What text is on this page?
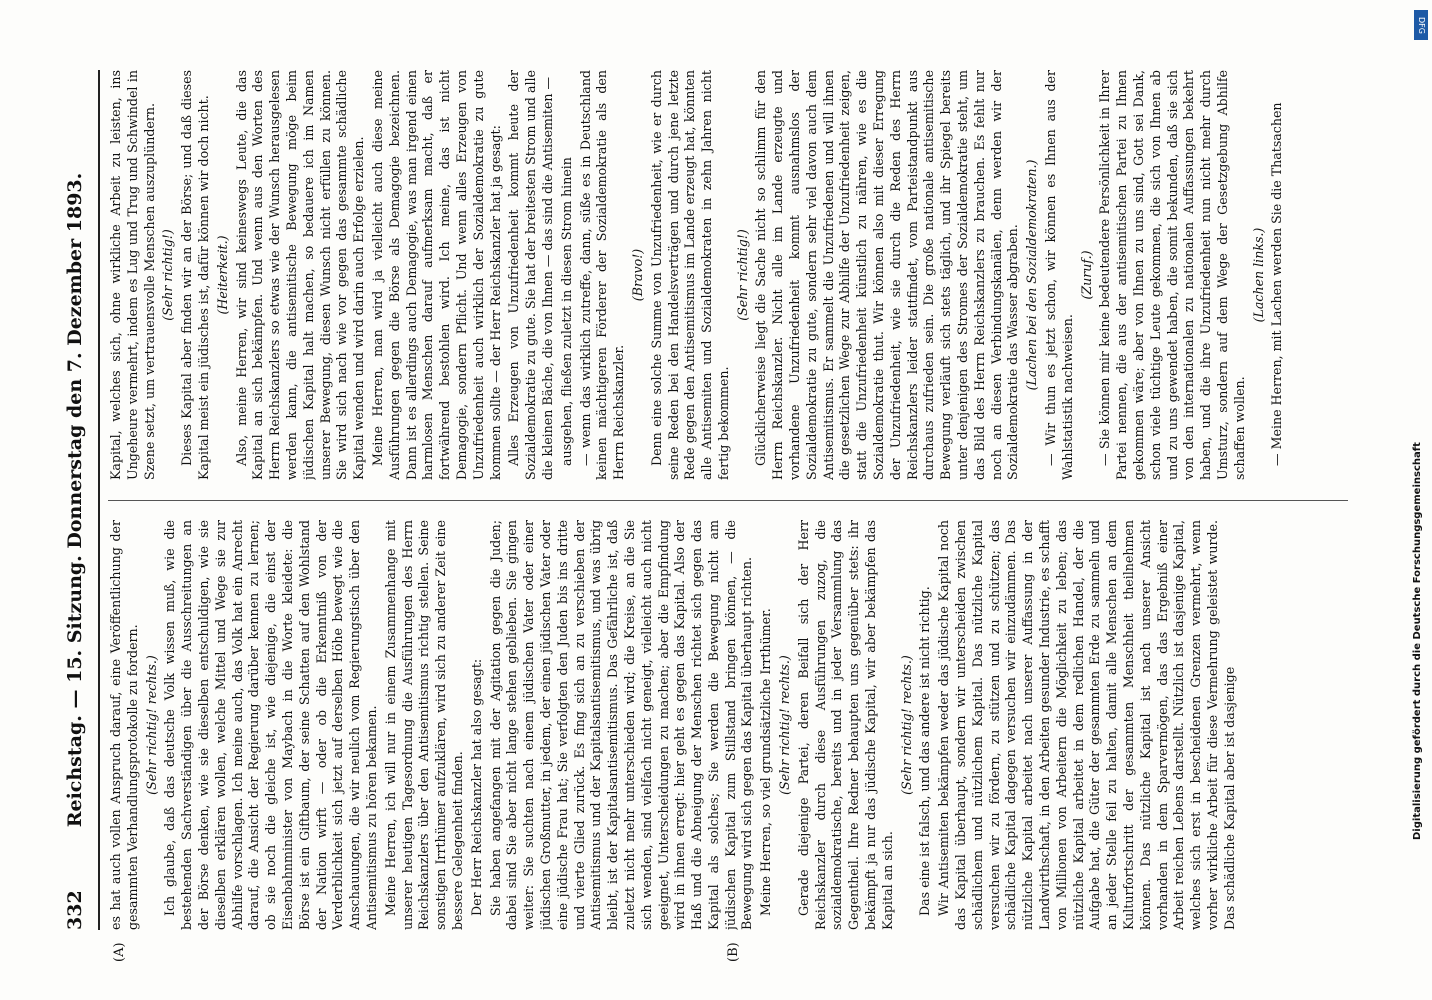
332
Reichstag. — 15. Sitzung. Donnerstag den 7. Dezember 1893. es hat auch vollen Anspruch darauf, eine Veröffentlichung der gesammten Verhandlungsprotokolle zu fordern. (Sehr richtig! rechts.) Ich glaube, daß das deutsche Volk wissen muß, wie die bestehenden Sachverständigen über die Ausschreitungen an der Börse denken, wie sie dieselben entschuldigen, wie sie dieselben erklären wollen, welche Mittel und Wege sie zur Abhilfe vorschlagen. Ich meine auch, das Volk hat ein Anrecht darauf, die Ansicht der Regierung darüber kennen zu lernen; ob sie noch die gleiche ist, wie diejenige, die einst der Eisenbahnminister von Maybach in die Worte kleidete: die Börse ist ein Giftbaum, der seine Schatten auf den Wohlstand der Nation wirft — oder ob die Erkenntniß von der Verderblichkeit sich jetzt auf derselben Höhe bewegt wie die Anschauungen, die wir neulich vom Regierungstisch über den Antisemitismus zu hören bekamen. Meine Herren, ich will nur in einem Zusammenhange mit unserer heutigen Tagesordnung die Ausführungen des Herrn Reichskanzlers über den Antisemitismus richtig stellen. Seine sonstigen Irrthümer aufzuklären, wird sich zu anderer Zeit eine bessere Gelegenheit finden. Der Herr Reichskanzler hat also gesagt: Sie haben angefangen mit der Agitation gegen die Juden; dabei sind Sie aber nicht lange stehen geblieben. Sie gingen weiter: Sie suchten nach einem jüdischen Vater oder einer jüdischen Großmutter, in jedem, der einen jüdischen Vater oder eine jüdische Frau hat; Sie verfolgten den Juden bis ins dritte und vierte Glied zurück. Es fing sich an zu verschieben der Antisemitismus und der Kapitalsantisemitismus, und was übrig bleibt, ist der Kapitalsantisemitismus. Das Gefährliche ist, daß zuletzt nicht mehr unterschieden wird; die Kreise, an die Sie sich wenden, sind vielfach nicht geneigt, vielleicht auch nicht geeignet, Unterscheidungen zu machen; aber die Empfindung wird in ihnen erregt: hier geht es gegen das Kapital. Also der Haß und die Abneigung der Menschen richtet sich gegen das Kapital als solches; Sie werden die Bewegung nicht am jüdischen Kapital zum Stillstand bringen können, — die Bewegung wird sich gegen das Kapital überhaupt richten. Meine Herren, so viel grundsätzliche Irrthümer. (Sehr richtig! rechts.) Gerade diejenige Partei, deren Beifall sich der Herr Reichskanzler durch diese Ausführungen zuzog, die sozialdemokratische, bereits und in jeder Versammlung das Gegentheil. Ihre Redner behaupten uns gegenüber stets: ihr bekämpft ja nur das jüdische Kapital, wir aber bekämpfen das Kapital an sich.

(Sehr richtig! rechts.) Das eine ist falsch, und das andere ist nicht richtig. Wir Antisemiten bekämpfen weder das jüdische Kapital noch das Kapital überhaupt, sondern wir unterscheiden zwischen schädlichem und nützlichem Kapital. Das nützliche Kapital versuchen wir zu fördern, zu stützen und zu schützen; das schädliche Kapital dagegen versuchen wir einzudämmen. Das nützliche Kapital arbeitet nach unserer Auffassung in der Landwirthschaft, in den Arbeiten gesunder Industrie, es schafft von Millionen von Arbeitern die Möglichkeit zu leben; das nützliche Kapital arbeitet in dem redlichen Handel, der die Aufgabe hat, die Güter der gesammten Erde zu sammeln und an jeder Stelle feil zu halten, damit alle Menschen an dem Kulturfortschritt der gesammten Menschheit theilnehmen können. Das nützliche Kapital ist nach unserer Ansicht vorhanden in dem Sparvermögen, das das Ergebniß einer Arbeit reichen Lebens darstellt. Nützlich ist dasjenige Kapital, welches sich erst in bescheidenen Grenzen vermehrt, wenn vorher wirkliche Arbeit für diese Vermehrung geleistet wurde. Das schädliche Kapital aber ist dasjenige

Kapital, welches sich, ohne wirkliche Arbeit zu leisten, ins Ungeheure vermehrt, indem es Lug und Trug und Schwindel in Szene setzt, um vertrauensvolle Menschen auszuplündern. (Sehr richtig!) Dieses Kapital aber finden wir an der Börse; und daß dieses Kapital meist ein jüdisches ist, dafür können wir doch nicht. (Heiterkeit.) Also, meine Herren, wir sind keineswegs Leute, die das Kapital an sich bekämpfen. Und wenn aus den Worten des Herrn Reichskanzlers so etwas wie der Wunsch herausgelesen werden kann, die antisemitische Bewegung möge beim jüdischen Kapital halt machen, so bedauere ich im Namen unserer Bewegung, diesen Wunsch nicht erfüllen zu können. Sie wird sich nach wie vor gegen das gesammte schädliche Kapital wenden und wird darin auch Erfolge erzielen. Meine Herren, man wird ja vielleicht auch diese meine Ausführungen gegen die Börse als Demagogie bezeichnen. Dann ist es allerdings auch Demagogie, was man irgend einen harmlosen Menschen darauf aufmerksam macht, daß er fortwährend bestohlen wird. Ich meine, das ist nicht Demagogie, sondern Pflicht. Und wenn alles Erzeugen von Unzufriedenheit auch wirklich der Sozialdemokratie zu gute kommen sollte — der Herr Reichskanzler hat ja gesagt: Alles Erzeugen von Unzufriedenheit kommt heute der Sozialdemokratie zu gute. Sie hat der breitesten Strom und alle die kleinen Bäche, die von Ihnen — das sind die Antisemiten — ausgehen, fließen zuletzt in diesen Strom hinein — wenn das wirklich zutreffe, dann, süße es in Deutschland keinen mächtigeren Förderer der Sozialdemokratie als den Herrn Reichskanzler.

(Bravo!) Denn eine solche Summe von Unzufriedenheit, wie er durch seine Reden bei den Handelsverträgen und durch jene letzte Rede gegen den Antisemitismus im Lande erzeugt hat, könnten alle Antisemiten und Sozialdemokraten in zehn Jahren nicht fertig bekommen.

(Sehr richtig!) Glücklicherweise liegt die Sache nicht so schlimm für den Herrn Reichskanzler. Nicht alle im Lande erzeugte und vorhandene Unzufriedenheit kommt ausnahmslos der Sozialdemokratie zu gute, sondern sehr viel davon auch dem Antisemitismus. Er sammelt die Unzufriedenen und will ihnen die gesetzlichen Wege zur Abhilfe der Unzufriedenheit zeigen, statt die Unzufriedenheit künstlich zu nähren, wie es die Sozialdemokratie thut. Wir können also mit dieser Erregung der Unzufriedenheit, wie sie durch die Reden des Herrn Reichskanzlers leider stattfindet, vom Parteistandpunkt aus durchaus zufrieden sein. Die große nationale antisemitische Bewegung verläuft sich stets täglich, und ihr Spiegel bereits unter denjenigen des Stromes der Sozialdemokratie steht, um das Bild des Herrn Reichskanzlers zu brauchen. Es fehlt nur noch an diesen Verbindungskanälen, denn werden wir der Sozialdemokratie das Wasser abgraben. (Lachen bei den Sozialdemokraten.) — Wir thun es jetzt schon, wir können es Ihnen aus der Wahlstatistik nachweisen.

(Zuruf.) — Sie können mir keine bedeutendere Persönlichkeit in Ihrer Partei nennen, die aus der antisemitischen Partei zu Ihnen gekommen wäre; aber von Ihnen zu uns sind, Gott sei Dank, schon viele tüchtige Leute gekommen, die sich von Ihnen ab und zu uns gewendet haben, die somit bekunden, daß sie sich von den internationalen zu nationalen Auffassungen bekehrt haben, und die ihre Unzufriedenheit nun nicht mehr durch Umsturz, sondern auf dem Wege der Gesetzgebung Abhilfe schaffen wollen.

(Lachen links.) — Meine Herren, mit Lachen werden Sie die Thatsachen

(A)	(B)
Digitalisierung gefördert durch die Deutsche Forschungsgemeinschaft
DFG
